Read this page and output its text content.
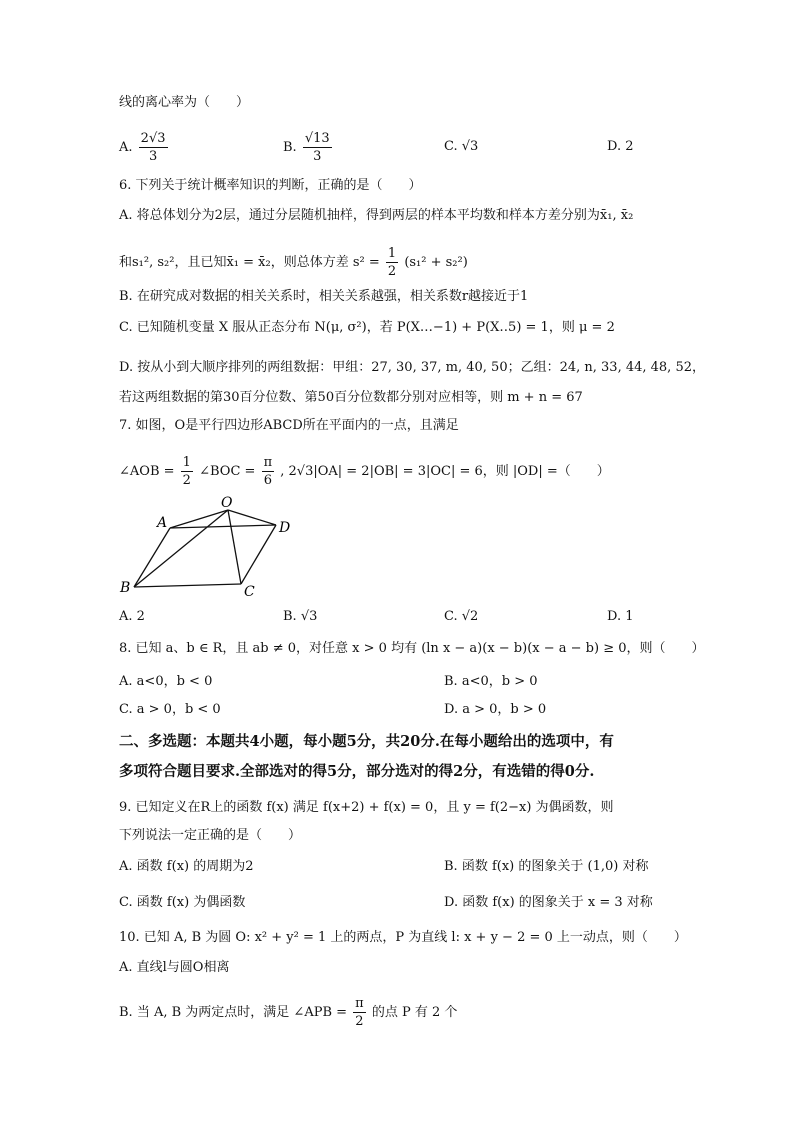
线的离心率为（　　）
A. $\frac{2√3}{3}$	B. $\frac{√13}{3}$	C. √3	D. 2
6. 下列关于统计概率知识的判断，正确的是（　　）
A. 将总体划分为2层，通过分层随机抽样，得到两层的样本平均数和样本方差分别为x̄₁, x̄₂
和s₁², s₂²，且已知x̄₁ = x̄₂，则总体方差 $s^2 = \frac{1}{2} (s_1^2 + s_2^2)$
B. 在研究成对数据的相关关系时，相关关系越强，相关系数r越接近于1
C. 已知随机变量 X 服从正态分布 N(μ, σ²)，若 P(X…−1) + P(X‥5) = 1，则 μ = 2
D. 按从小到大顺序排列的两组数据：甲组：27, 30, 37, m, 40, 50；乙组：24, n, 33, 44, 48, 52，
若这两组数据的第30百分位数、第50百分位数都分别对应相等，则 m + n = 67
7. 如图，O是平行四边形ABCD所在平面内的一点，且满足
∠AOB = $\frac{1}{2}$ ∠BOC = $\frac{\pi}{6}$ , 2√3|OA| = 2|OB| = 3|OC| = 6，则 |OD| =（　　）
O
A	D
B	C
A. 2	B. √3	C. √2	D. 1
8. 已知 a、b ∈ R，且 ab ≠ 0，对任意 x > 0 均有 (ln x − a)(x − b)(x − a − b) ≥ 0，则（　　）
A. a<0，b < 0	B. a<0，b > 0
C. a > 0，b < 0	D. a > 0，b > 0
二、多选题：本题共4小题，每小题5分，共20分.在每小题给出的选项中，有
多项符合题目要求.全部选对的得5分，部分选对的得2分，有选错的得0分.
9. 已知定义在R上的函数 f(x) 满足 f(x+2) + f(x) = 0，且 y = f(2−x) 为偶函数，则
下列说法一定正确的是（　　）
A. 函数 f(x) 的周期为2	B. 函数 f(x) 的图象关于 (1,0) 对称
C. 函数 f(x) 为偶函数	D. 函数 f(x) 的图象关于 x = 3 对称
10. 已知 A, B 为圆 O: x² + y² = 1 上的两点，P 为直线 l: x + y − 2 = 0 上一动点，则（　　）
A. 直线l与圆O相离
B. 当 A, B 为两定点时，满足 ∠APB = $\frac{\pi}{2}$ 的点 P 有 2 个
